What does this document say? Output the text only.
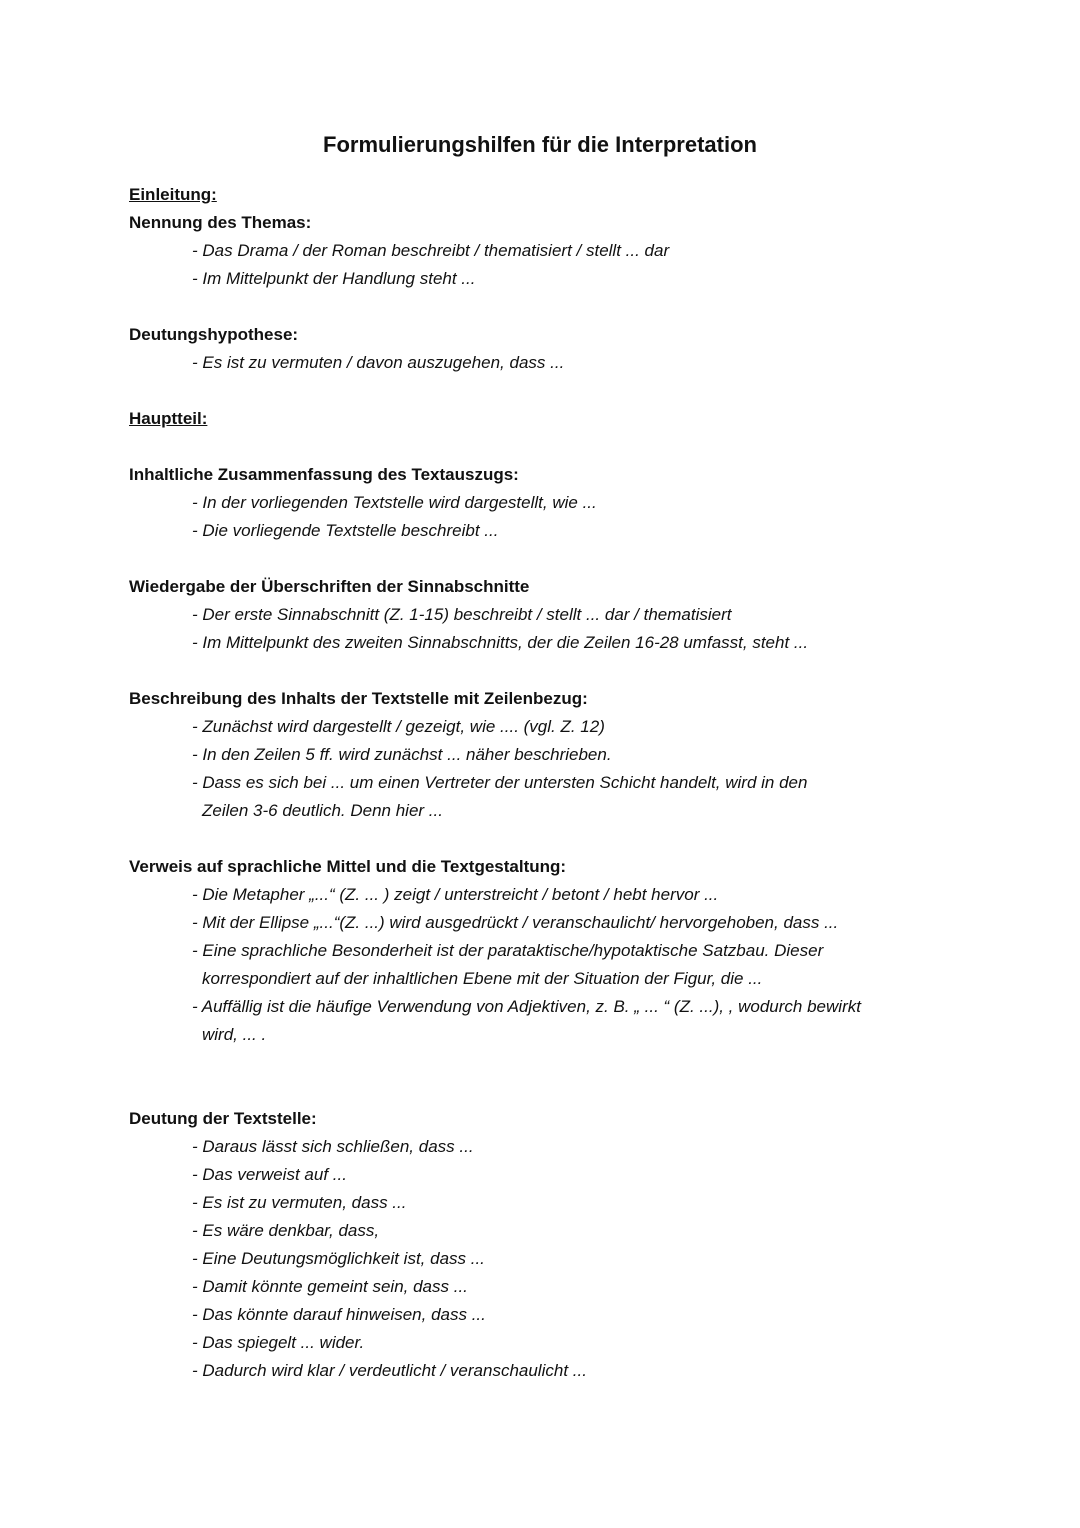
Formulierungshilfen für die Interpretation
Einleitung:
Nennung des Themas:
- Das Drama / der Roman beschreibt / thematisiert / stellt ... dar
- Im Mittelpunkt der Handlung steht ...
Deutungshypothese:
- Es ist zu vermuten / davon auszugehen, dass ...
Hauptteil:
Inhaltliche Zusammenfassung des Textauszugs:
- In der vorliegenden Textstelle wird dargestellt, wie ...
- Die vorliegende Textstelle beschreibt ...
Wiedergabe der Überschriften der Sinnabschnitte
- Der erste Sinnabschnitt (Z. 1-15) beschreibt / stellt ... dar / thematisiert
- Im Mittelpunkt des zweiten Sinnabschnitts, der die Zeilen 16-28 umfasst, steht ...
Beschreibung des Inhalts der Textstelle mit Zeilenbezug:
- Zunächst wird dargestellt / gezeigt, wie .... (vgl. Z. 12)
- In den Zeilen 5 ff. wird zunächst ... näher beschrieben.
- Dass es sich bei ... um einen Vertreter der untersten Schicht handelt, wird in den
Zeilen 3-6 deutlich. Denn hier ...
Verweis auf sprachliche Mittel und die Textgestaltung:
- Die Metapher „...“ (Z. ... ) zeigt / unterstreicht / betont / hebt hervor ...
- Mit der Ellipse „...“(Z. ...) wird ausgedrückt / veranschaulicht/ hervorgehoben, dass ...
- Eine sprachliche Besonderheit ist der parataktische/hypotaktische Satzbau. Dieser
korrespondiert auf der inhaltlichen Ebene mit der Situation der Figur, die ...
- Auffällig ist die häufige Verwendung von Adjektiven, z. B. „ ... “ (Z. ...), , wodurch bewirkt
wird, ... .
Deutung der Textstelle:
- Daraus lässt sich schließen, dass ...
- Das verweist auf ...
- Es ist zu vermuten, dass ...
- Es wäre denkbar, dass,
- Eine Deutungsmöglichkeit ist, dass ...
- Damit könnte gemeint sein, dass ...
- Das könnte darauf hinweisen, dass ...
- Das spiegelt ... wider.
- Dadurch wird klar / verdeutlicht / veranschaulicht ...
